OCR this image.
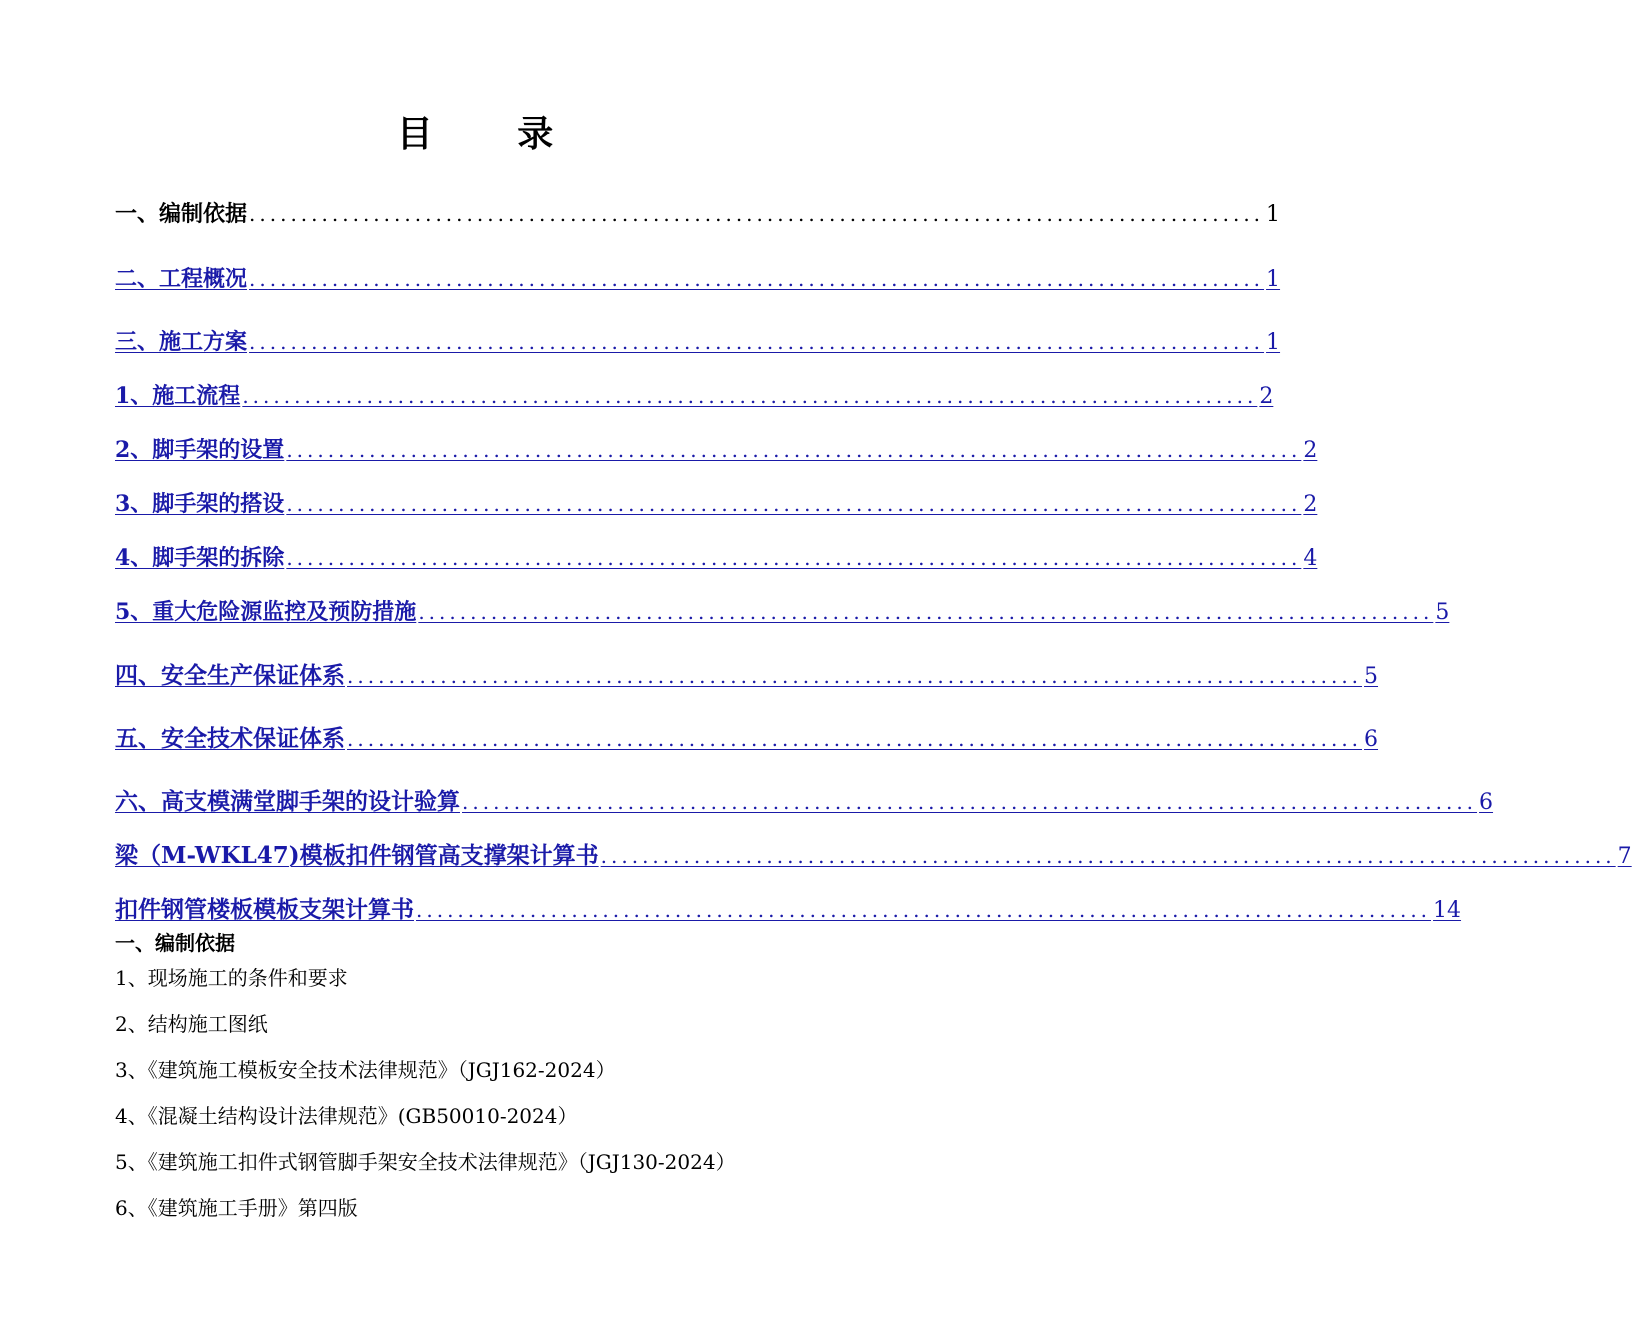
目 录
一、编制依据 .................................................................................................. 1
二、工程概况 .................................................................................................. 1
三、施工方案 .................................................................................................. 1
1、施工流程 .................................................................................................. 2
2、脚手架的设置 .................................................................................................. 2
3、脚手架的搭设 .................................................................................................. 2
4、脚手架的拆除 .................................................................................................. 4
5、重大危险源监控及预防措施 .................................................................................................. 5
四、安全生产保证体系 .................................................................................................. 5
五、安全技术保证体系 .................................................................................................. 6
六、高支模满堂脚手架的设计验算 .................................................................................................. 6
梁（M-WKL47)模板扣件钢管高支撑架计算书 .................................................................................................. 7
扣件钢管楼板模板支架计算书 .................................................................................................. 14
一、编制依据
1、现场施工的条件和要求
2、结构施工图纸
3、《建筑施工模板安全技术法律规范》（JGJ162-2024）
4、《混凝土结构设计法律规范》(GB50010-2024）
5、《建筑施工扣件式钢管脚手架安全技术法律规范》（JGJ130-2024）
6、《建筑施工手册》第四版
